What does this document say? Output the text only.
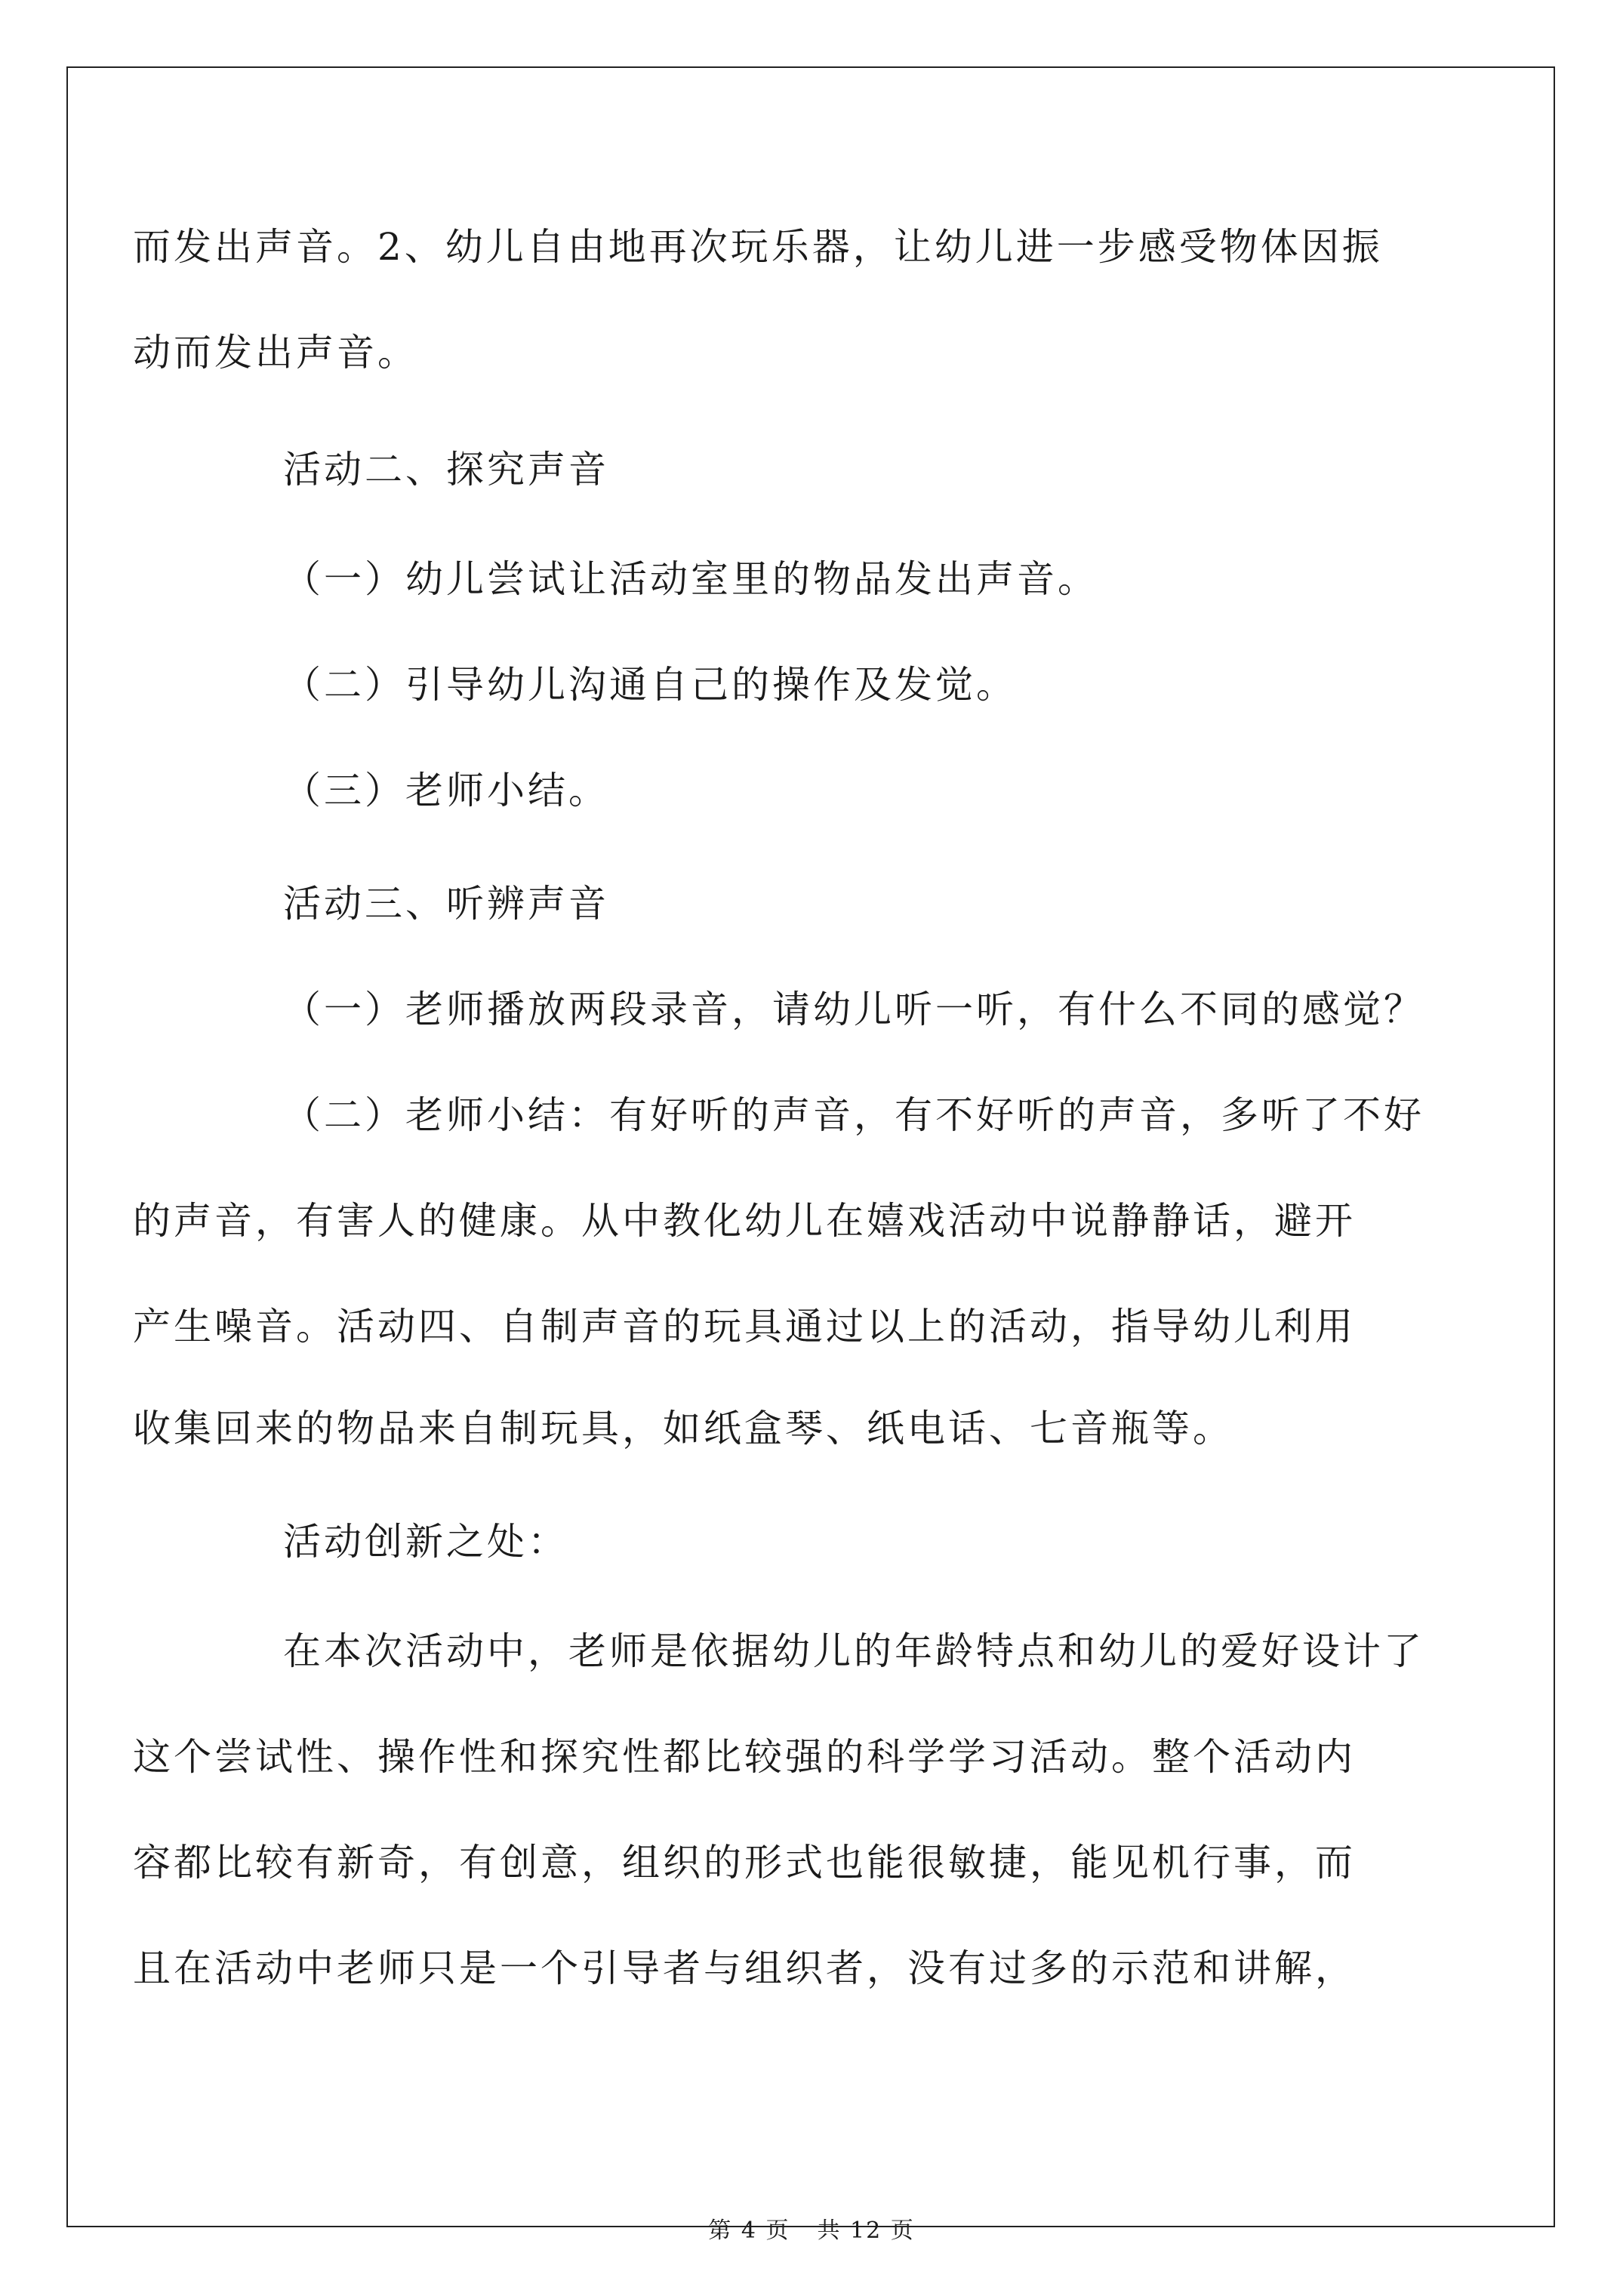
而发出声音。2、幼儿自由地再次玩乐器，让幼儿进一步感受物体因振
动而发出声音。
活动二、探究声音
（一）幼儿尝试让活动室里的物品发出声音。
（二）引导幼儿沟通自己的操作及发觉。
（三）老师小结。
活动三、听辨声音
（一）老师播放两段录音，请幼儿听一听，有什么不同的感觉？
（二）老师小结：有好听的声音，有不好听的声音，多听了不好
的声音，有害人的健康。从中教化幼儿在嬉戏活动中说静静话，避开
产生噪音。活动四、自制声音的玩具通过以上的活动，指导幼儿利用
收集回来的物品来自制玩具，如纸盒琴、纸电话、七音瓶等。
活动创新之处：
在本次活动中，老师是依据幼儿的年龄特点和幼儿的爱好设计了
这个尝试性、操作性和探究性都比较强的科学学习活动。整个活动内
容都比较有新奇，有创意，组织的形式也能很敏捷，能见机行事，而
且在活动中老师只是一个引导者与组织者，没有过多的示范和讲解，
第 4 页 共 12 页
